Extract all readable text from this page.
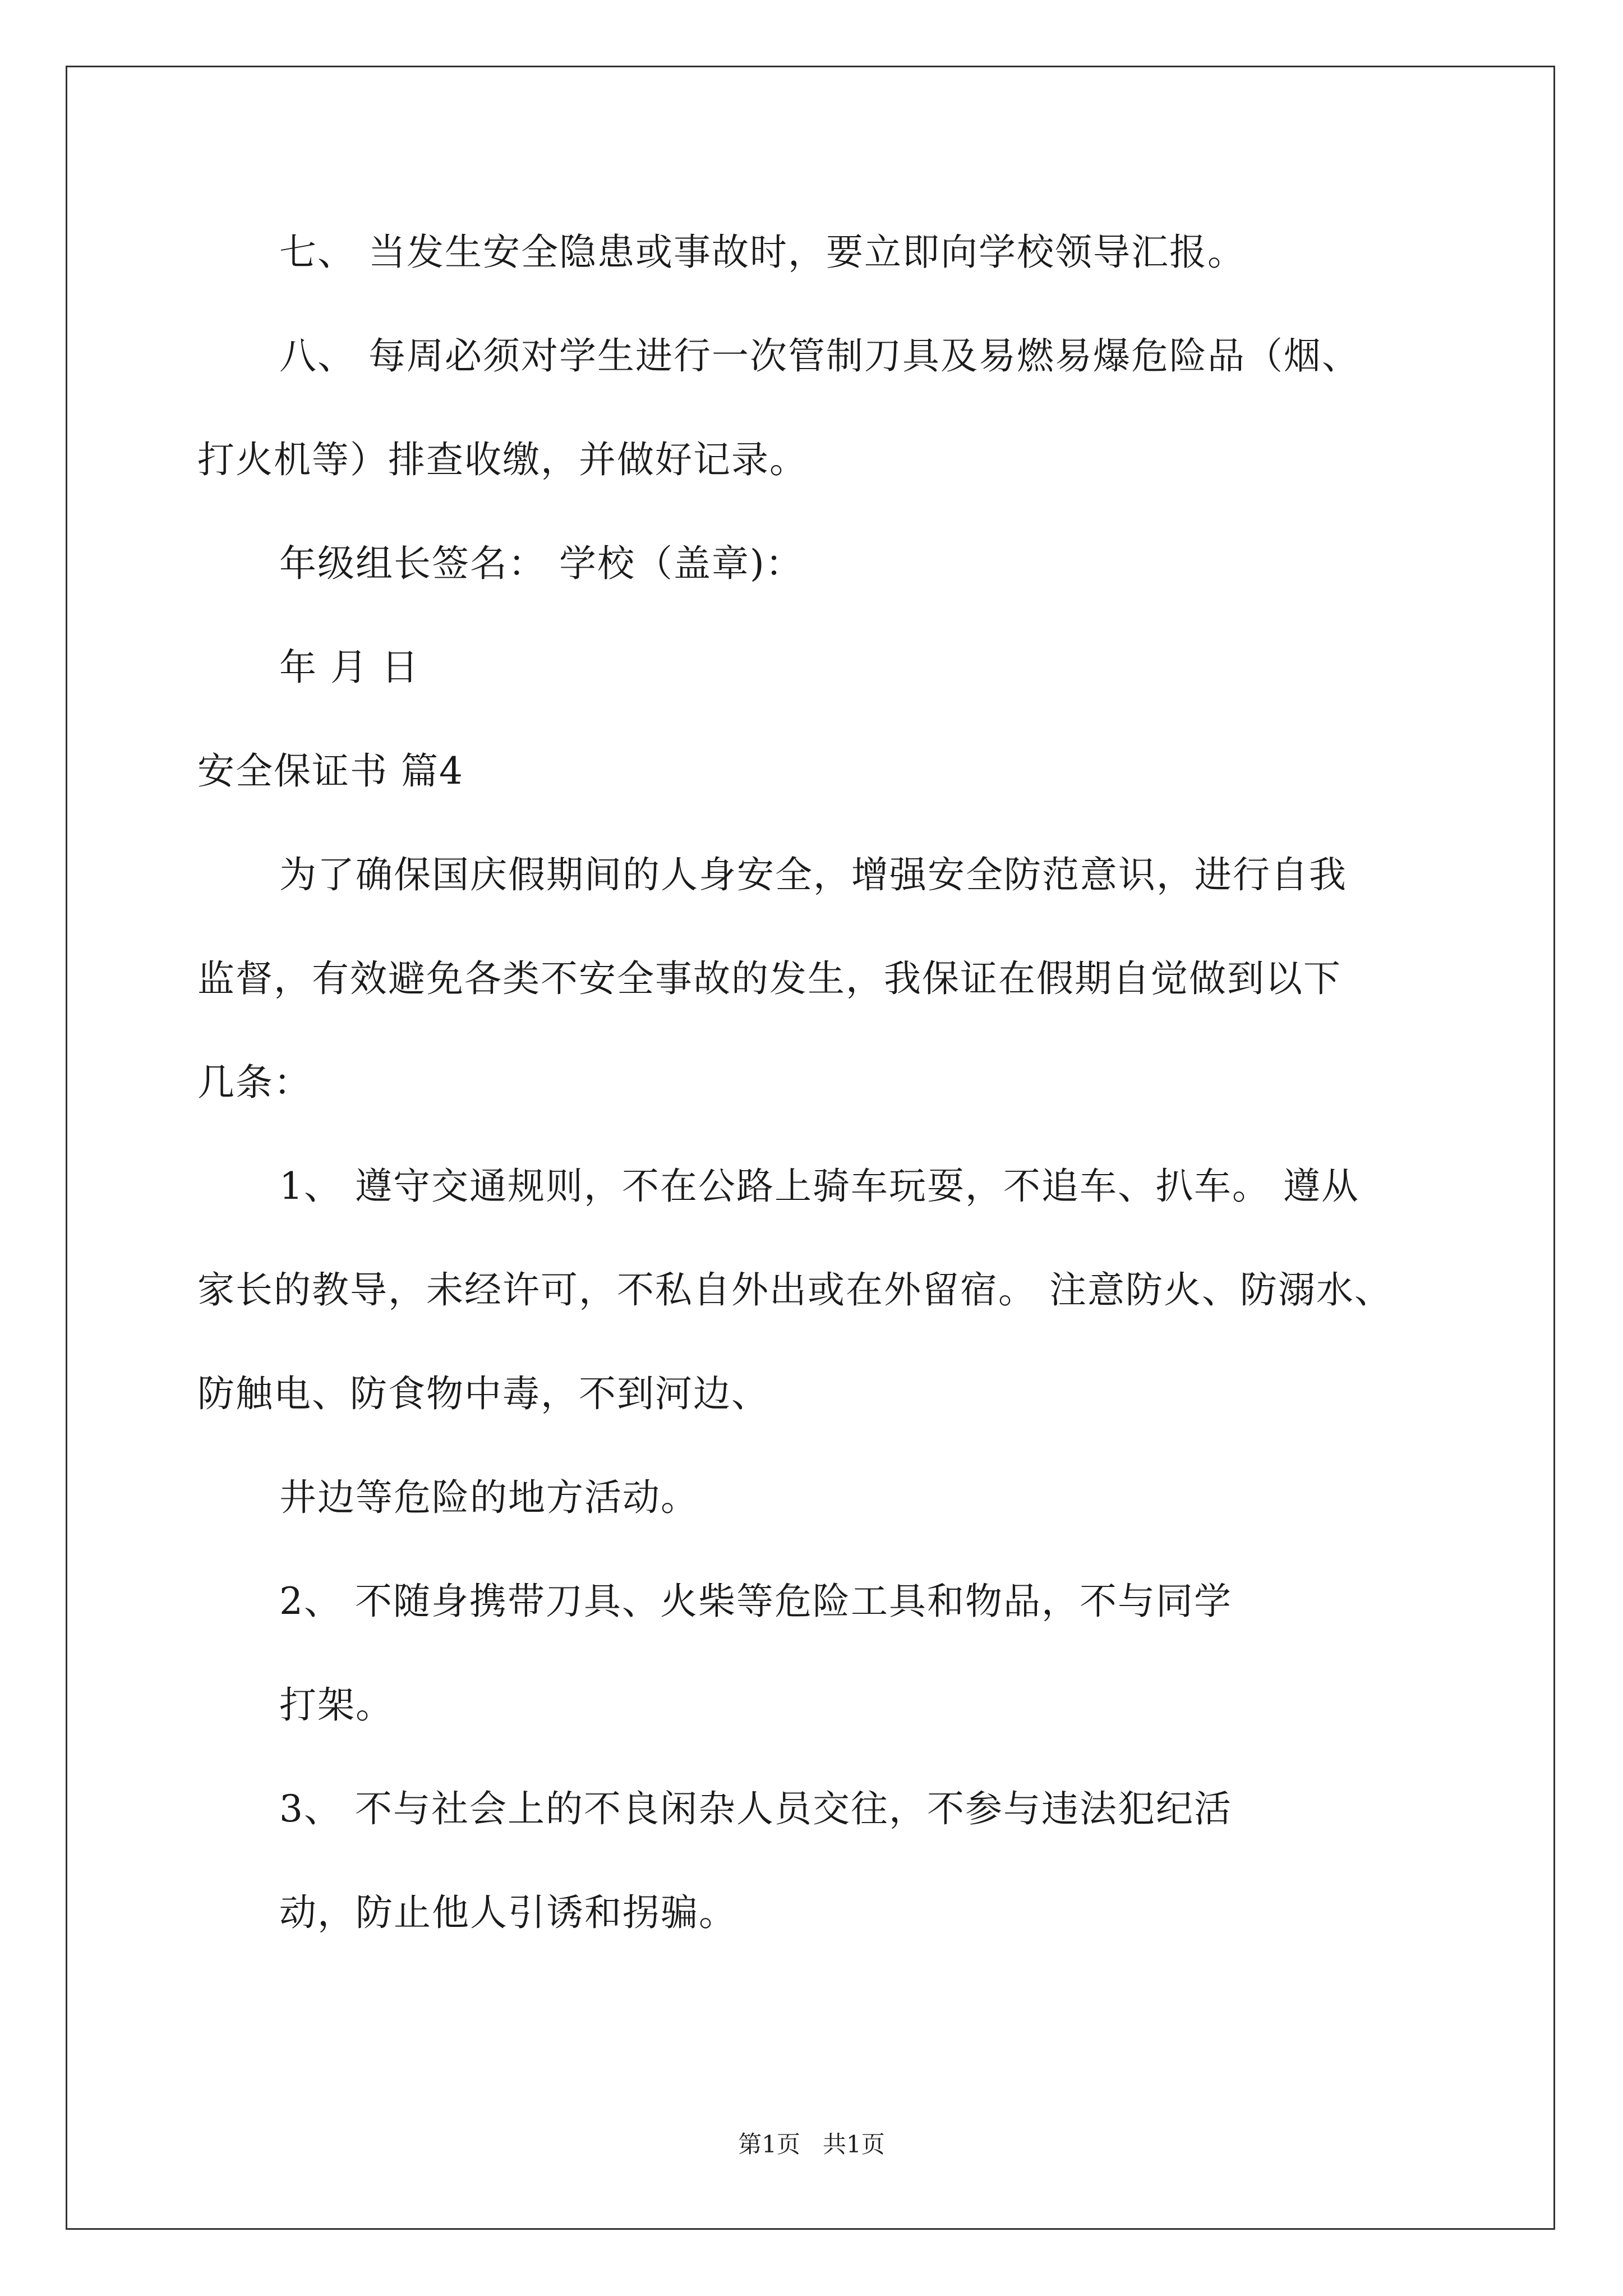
七、 当发生安全隐患或事故时，要立即向学校领导汇报。
八、 每周必须对学生进行一次管制刀具及易燃易爆危险品（烟、
打火机等）排查收缴，并做好记录。
年级组长签名： 学校（盖章)：
年 月 日
安全保证书 篇4
为了确保国庆假期间的人身安全，增强安全防范意识，进行自我
监督，有效避免各类不安全事故的发生，我保证在假期自觉做到以下
几条：
1、 遵守交通规则，不在公路上骑车玩耍，不追车、扒车。 遵从
家长的教导，未经许可，不私自外出或在外留宿。 注意防火、防溺水、
防触电、防食物中毒，不到河边、
井边等危险的地方活动。
2、 不随身携带刀具、火柴等危险工具和物品，不与同学
打架。
3、 不与社会上的不良闲杂人员交往，不参与违法犯纪活
动，防止他人引诱和拐骗。
第1页   共1页
